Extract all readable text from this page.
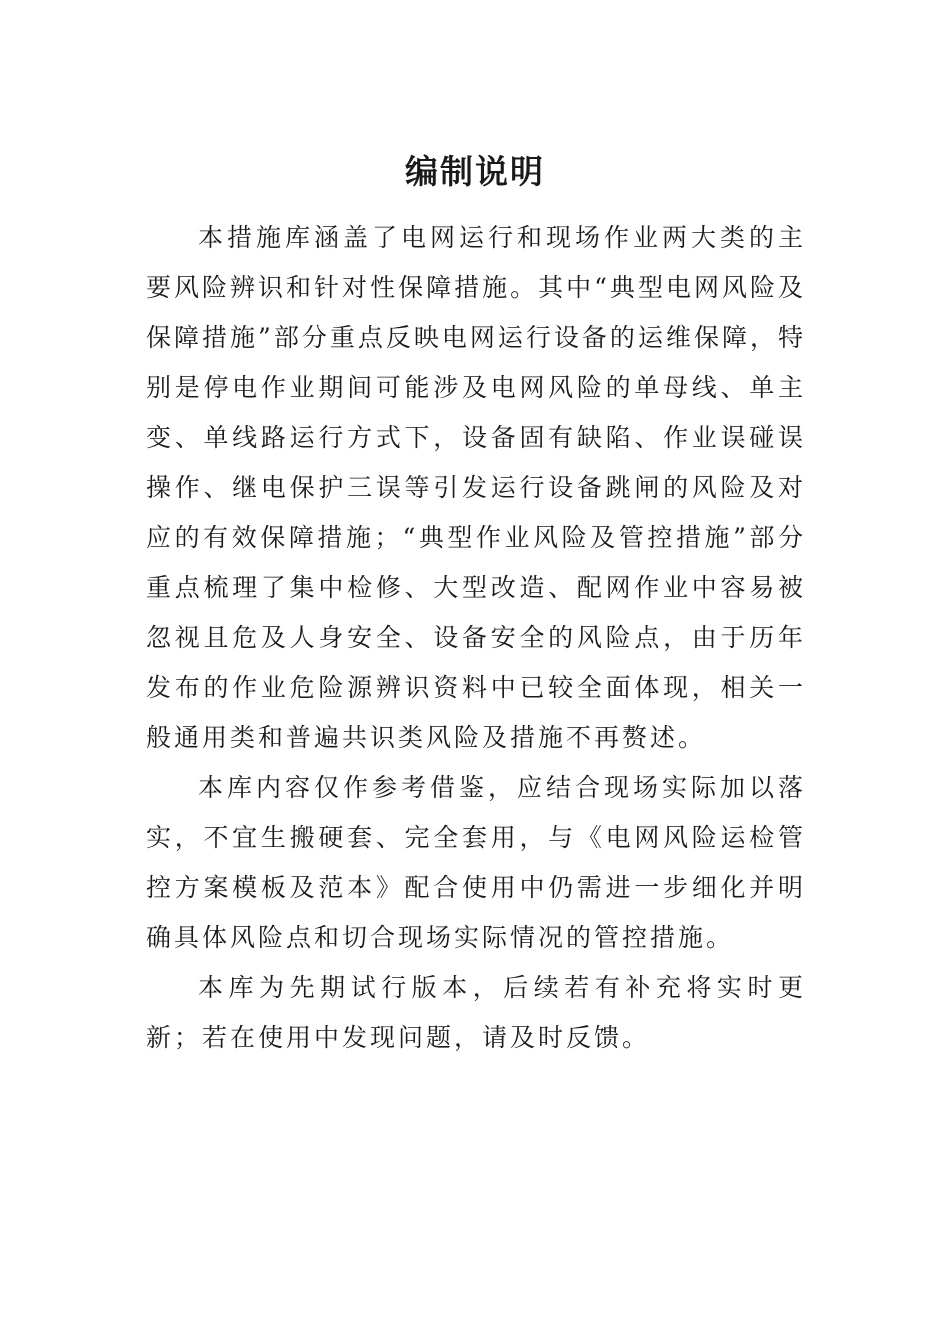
编制说明

本措施库涵盖了电网运行和现场作业两大类的主要风险辨识和针对性保障措施。其中“典型电网风险及保障措施”部分重点反映电网运行设备的运维保障，特别是停电作业期间可能涉及电网风险的单母线、单主变、单线路运行方式下，设备固有缺陷、作业误碰误操作、继电保护三误等引发运行设备跳闸的风险及对应的有效保障措施；“典型作业风险及管控措施”部分重点梳理了集中检修、大型改造、配网作业中容易被忽视且危及人身安全、设备安全的风险点，由于历年发布的作业危险源辨识资料中已较全面体现，相关一般通用类和普遍共识类风险及措施不再赘述。

本库内容仅作参考借鉴，应结合现场实际加以落实，不宜生搬硬套、完全套用，与《电网风险运检管控方案模板及范本》配合使用中仍需进一步细化并明确具体风险点和切合现场实际情况的管控措施。

本库为先期试行版本，后续若有补充将实时更新；若在使用中发现问题，请及时反馈。
